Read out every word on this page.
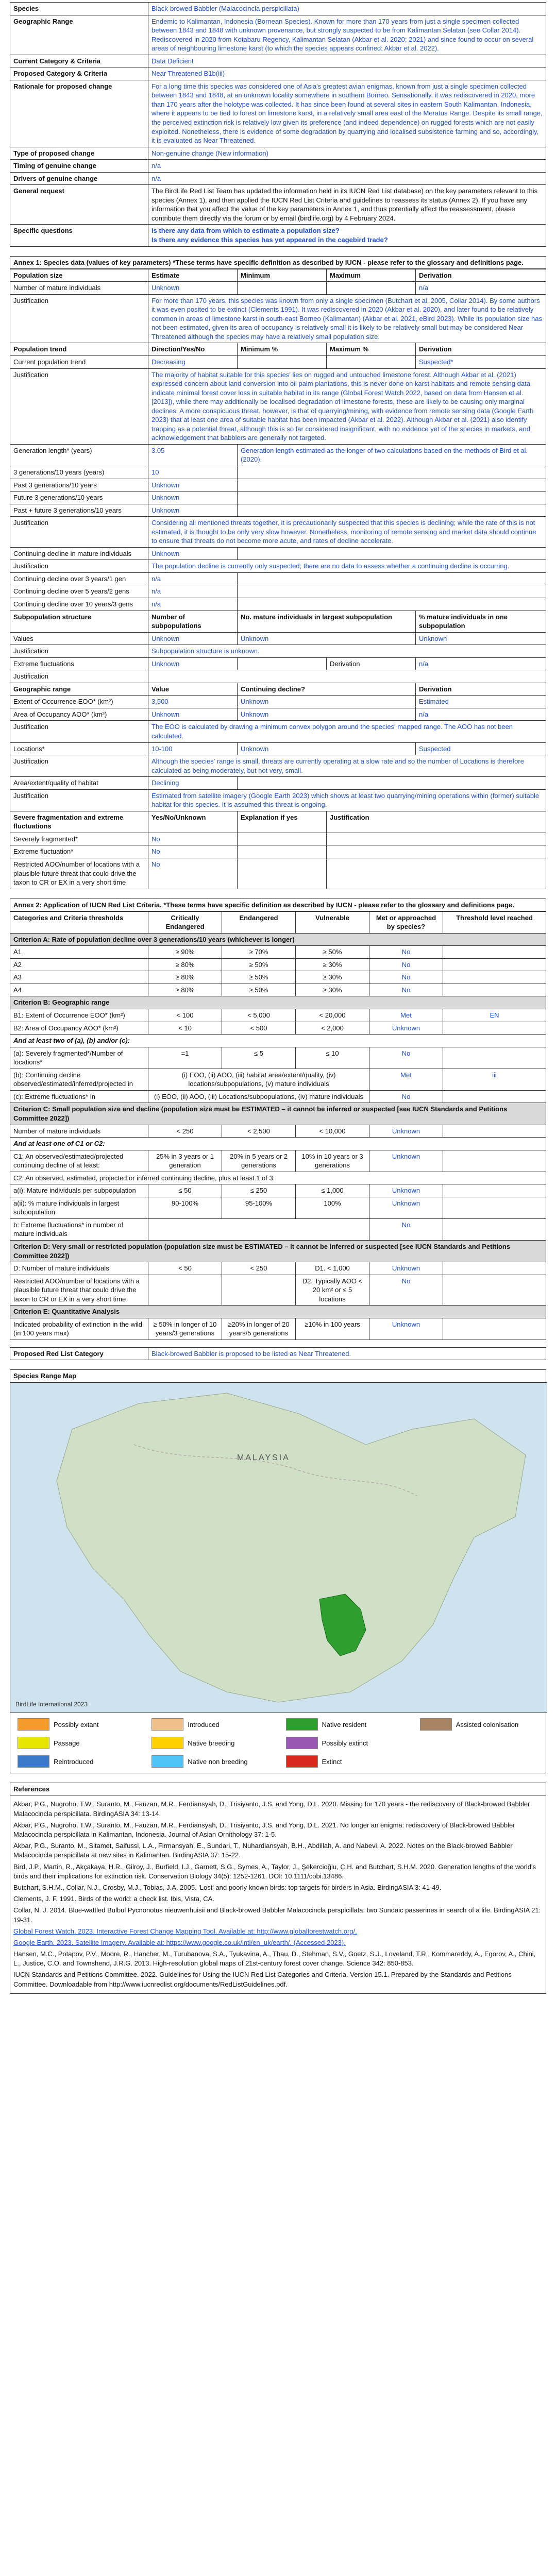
Species	Black-browed Babbler (Malacocincla perspicillata)
Geographic Range	Endemic to Kalimantan, Indonesia (Bornean Species). Known for more than 170 years from just a single specimen collected between 1843 and 1848 with unknown provenance, but strongly suspected to be from Kalimantan Selatan (see Collar 2014). Rediscovered in 2020 from Kotabaru Regency, Kalimantan Selatan (Akbar et al. 2020; 2021) and since found to occur on several areas of neighbouring limestone karst (to which the species appears confined: Akbar et al. 2022).
Current Category & Criteria	Data Deficient
Proposed Category & Criteria	Near Threatened B1b(iii)
Rationale for proposed change	For a long time this species was considered one of Asia's greatest avian enigmas, known from just a single specimen collected between 1843 and 1848, at an unknown locality somewhere in southern Borneo. Sensationally, it was rediscovered in 2020, more than 170 years after the holotype was collected. It has since been found at several sites in eastern South Kalimantan, Indonesia, where it appears to be tied to forest on limestone karst, in a relatively small area east of the Meratus Range. Despite its small range, the perceived extinction risk is relatively low given its preference (and indeed dependence) on rugged forests which are not easily exploited. Nonetheless, there is evidence of some degradation by quarrying and localised subsistence farming and so, accordingly, it is evaluated as Near Threatened.
Type of proposed change	Non-genuine change (New information)
Timing of genuine change	n/a
Drivers of genuine change	n/a
General request	The BirdLife Red List Team has updated the information held in its IUCN Red List database) on the key parameters relevant to this species (Annex 1), and then applied the IUCN Red List Criteria and guidelines to reassess its status (Annex 2). If you have any information that you affect the value of the key parameters in Annex 1, and thus potentially affect the reassessment, please contribute them directly via the forum or by email (birdlife.org) by 4 February 2024.
Specific questions	Is there any data from which to estimate a population size?
Is there any evidence this species has yet appeared in the cagebird trade?
Annex 1: Species data (values of key parameters) *These terms have specific definition as described by IUCN - please refer to the glossary and definitions page.
Population size	Estimate	Minimum	Maximum	Derivation
Number of mature individuals	Unknown			n/a
Justification	For more than 170 years, this species was known from only a single specimen (Butchart et al. 2005, Collar 2014). By some authors it was even posited to be extinct (Clements 1991). It was rediscovered in 2020 (Akbar et al. 2020), and later found to be relatively common in areas of limestone karst in south-east Borneo (Kalimantan) (Akbar et al. 2021, eBird 2023). While its population size has not been estimated, given its area of occupancy is relatively small it is likely to be relatively small but may be considered Near Threatened although the species may have a relatively small population size.			
Population trend	Direction/Yes/No	Minimum %	Maximum %	Derivation
Current population trend	Decreasing			Suspected*
Justification	The majority of habitat suitable for this species' lies on rugged and untouched limestone forest. Although Akbar et al. (2021) expressed concern about land conversion into oil palm plantations, this is never done on karst habitats and remote sensing data indicate minimal forest cover loss in suitable habitat in its range (Global Forest Watch 2022, based on data from Hansen et al. [2013]), while there may additionally be localised degradation of limestone forests, these are likely to be causing only marginal declines. A more conspicuous threat, however, is that of quarrying/mining, with evidence from remote sensing data (Google Earth 2023) that at least one area of suitable habitat has been impacted (Akbar et al. 2022). Although Akbar et al. (2021) also identify trapping as a potential threat, although this is so far considered insignificant, with no evidence yet of the species in markets, and acknowledgement that babblers are generally not targeted.			
Generation length* (years)	3.05	Generation length estimated as the longer of two calculations based on the methods of Bird et al. (2020).		
3 generations/10 years (years)	10			
Past 3 generations/10 years	Unknown			
Future 3 generations/10 years	Unknown			
Past + future 3 generations/10 years	Unknown			
Justification	Considering all mentioned threats together, it is precautionarily suspected that this species is declining; while the rate of this is not estimated, it is thought to be only very slow however. Nonetheless, monitoring of remote sensing and market data should continue to ensure that threats do not become more acute, and rates of decline accelerate.			
Continuing decline in mature individuals	Unknown			
Justification	The population decline is currently only suspected; there are no data to assess whether a continuing decline is occurring.			
Continuing decline over 3 years/1 gen	n/a			
Continuing decline over 5 years/2 gens	n/a			
Continuing decline over 10 years/3 gens	n/a			
Subpopulation structure	Number of subpopulations	No. mature individuals in largest subpopulation		% mature individuals in one subpopulation
Values	Unknown	Unknown		Unknown
Justification	Subpopulation structure is unknown.			
Extreme fluctuations	Unknown		Derivation	n/a
Justification				
Geographic range	Value	Continuing decline?		Derivation
Extent of Occurrence EOO* (km²)	3,500	Unknown		Estimated
Area of Occupancy AOO* (km²)	Unknown	Unknown		n/a
Justification	The EOO is calculated by drawing a minimum convex polygon around the species' mapped range. The AOO has not been calculated.			
Locations*	10-100	Unknown		Suspected
Justification	Although the species' range is small, threats are currently operating at a slow rate and so the number of Locations is therefore calculated as being moderately, but not very, small.			
Area/extent/quality of habitat	Declining			
Justification	Estimated from satellite imagery (Google Earth 2023) which shows at least two quarrying/mining operations within (former) suitable habitat for this species. It is assumed this threat is ongoing.			
Severe fragmentation and extreme fluctuations	Yes/No/Unknown	Explanation if yes	Justification	
Severely fragmented*	No			
Extreme fluctuation*	No			
Restricted AOO/number of locations with a plausible future threat that could drive the taxon to CR or EX in a very short time	No			
Annex 2: Application of IUCN Red List Criteria. *These terms have specific definition as described by IUCN - please refer to the glossary and definitions page.
Categories and Criteria thresholds	Critically Endangered	Endangered	Vulnerable	Met or approached by species?	Threshold level reached
Criterion A: Rate of population decline over 3 generations/10 years (whichever is longer)					
A1	≥ 90%	≥ 70%	≥ 50%	No	
A2	≥ 80%	≥ 50%	≥ 30%	No	
A3	≥ 80%	≥ 50%	≥ 30%	No	
A4	≥ 80%	≥ 50%	≥ 30%	No	
Criterion B: Geographic range					
B1: Extent of Occurrence EOO* (km²)	< 100	< 5,000	< 20,000	Met	EN
B2: Area of Occupancy AOO* (km²)	< 10	< 500	< 2,000	Unknown	
And at least two of (a), (b) and/or (c):					
(a): Severely fragmented*/Number of locations*	=1	≤ 5	≤ 10	No	
(b): Continuing decline observed/estimated/inferred/projected in	(i) EOO, (ii) AOO, (iii) habitat area/extent/quality, (iv) locations/subpopulations, (v) mature individuals			Met	iii
(c): Extreme fluctuations* in	(i) EOO, (ii) AOO, (iii) Locations/subpopulations, (iv) mature individuals			No	
Criterion C: Small population size and decline (population size must be ESTIMATED – it cannot be inferred or suspected [see IUCN Standards and Petitions Committee 2022])					
Number of mature individuals	< 250	< 2,500	< 10,000	Unknown	
And at least one of C1 or C2:					
C1: An observed/estimated/projected continuing decline of at least:	25% in 3 years or 1 generation	20% in 5 years or 2 generations	10% in 10 years or 3 generations	Unknown	
C2: An observed, estimated, projected or inferred continuing decline, plus at least 1 of 3:					
a(i): Mature individuals per subpopulation	≤ 50	≤ 250	≤ 1,000	Unknown	
a(ii): % mature individuals in largest subpopulation	90-100%	95-100%	100%	Unknown	
b: Extreme fluctuations* in number of mature individuals				No	
Criterion D: Very small or restricted population (population size must be ESTIMATED – it cannot be inferred or suspected [see IUCN Standards and Petitions Committee 2022])					
D: Number of mature individuals	< 50	< 250	D1. < 1,000	Unknown	
Restricted AOO/number of locations with a plausible future threat that could drive the taxon to CR or EX in a very short time			D2. Typically AOO < 20 km² or ≤ 5 locations	No	
Criterion E: Quantitative Analysis					
Indicated probability of extinction in the wild (in 100 years max)	≥ 50% in longer of 10 years/3 generations	≥20% in longer of 20 years/5 generations	≥10% in 100 years	Unknown	
Proposed Red List Category	Black-browed Babbler is proposed to be listed as Near Threatened.
Species Range Map
MALAYSIA
BirdLife International 2023
Possibly extant	Introduced	Native resident	Assisted colonisation
Passage	Native breeding	Possibly extinct
Reintroduced	Native non breeding	Extinct
References

Akbar, P.G., Nugroho, T.W., Suranto, M., Fauzan, M.R., Ferdiansyah, D., Trisiyanto, J.S. and Yong, D.L. 2020. Missing for 170 years - the rediscovery of Black-browed Babbler Malacocincla perspicillata. BirdingASIA 34: 13-14.

Akbar, P.G., Nugroho, T.W., Suranto, M., Fauzan, M.R., Ferdiansyah, D., Trisiyanto, J.S. and Yong, D.L. 2021. No longer an enigma: rediscovery of Black-browed Babbler Malacocincla perspicillata in Kalimantan, Indonesia. Journal of Asian Ornithology 37: 1-5.

Akbar, P.G., Suranto, M., Sitamet, Saifussi, L.A., Firmansyah, E., Sundari, T., Nuhardiansyah, B.H., Abdillah, A. and Nabevi, A. 2022. Notes on the Black-browed Babbler Malacocincla perspicillata at new sites in Kalimantan. BirdingASIA 37: 15-22.

Bird, J.P., Martin, R., Akçakaya, H.R., Gilroy, J., Burfield, I.J., Garnett, S.G., Symes, A., Taylor, J., Şekercioğlu, Ç.H. and Butchart, S.H.M. 2020. Generation lengths of the world's birds and their implications for extinction risk. Conservation Biology 34(5): 1252-1261. DOI: 10.1111/cobi.13486.

Butchart, S.H.M., Collar, N.J., Crosby, M.J., Tobias, J.A. 2005. 'Lost' and poorly known birds: top targets for birders in Asia. BirdingASIA 3: 41-49.

Clements, J. F. 1991. Birds of the world: a check list. Ibis, Vista, CA.

Collar, N. J. 2014. Blue-wattled Bulbul Pycnonotus nieuwenhuisii and Black-browed Babbler Malacocincla perspicillata: two Sundaic passerines in search of a life. BirdingASIA 21: 19-31.

Global Forest Watch. 2023. Interactive Forest Change Mapping Tool. Available at: http://www.globalforestwatch.org/.

Google Earth. 2023. Satellite Imagery. Available at: https://www.google.co.uk/intl/en_uk/earth/. (Accessed 2023).

Hansen, M.C., Potapov, P.V., Moore, R., Hancher, M., Turubanova, S.A., Tyukavina, A., Thau, D., Stehman, S.V., Goetz, S.J., Loveland, T.R., Kommareddy, A., Egorov, A., Chini, L., Justice, C.O. and Townshend, J.R.G. 2013. High-resolution global maps of 21st-century forest cover change. Science 342: 850-853.

IUCN Standards and Petitions Committee. 2022. Guidelines for Using the IUCN Red List Categories and Criteria. Version 15.1. Prepared by the Standards and Petitions Committee. Downloadable from http://www.iucnredlist.org/documents/RedListGuidelines.pdf.
